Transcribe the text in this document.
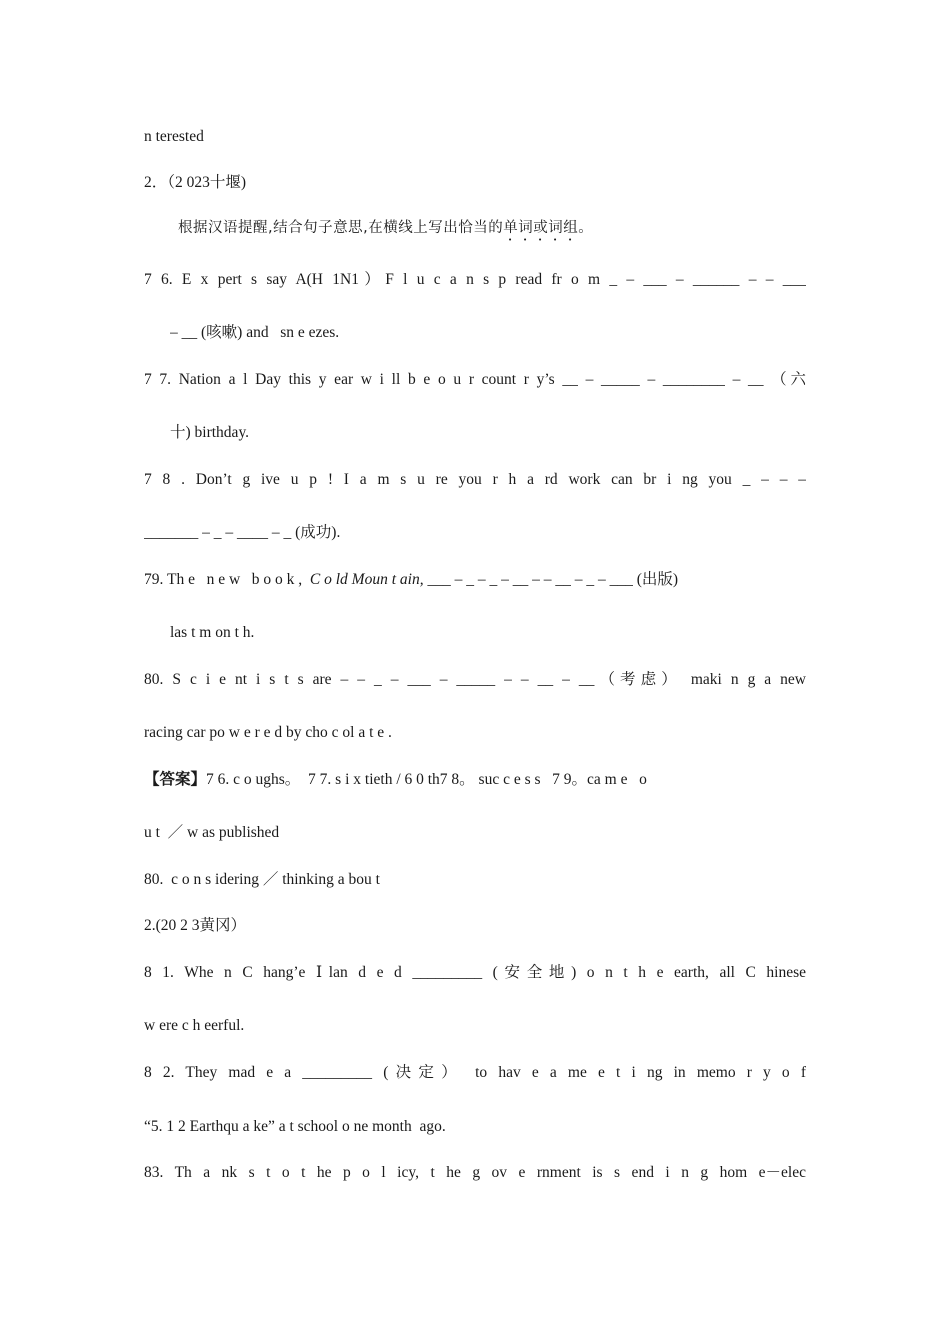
n terested
2．（2 023十堰)
根据汉语提醒,结合句子意思,在横线上写出恰当的单词或词组。
7 6. E x pert s say A(H 1N1）F l u c a n s p read fr o m _ – ___ – ______ – – ___
– __ (咳嗽) and   sn e ezes.
7 7. Nation a l Day this y ear w i ll b e o u r count r y’s __ – _____ – ________ – __ （六
十) birthday.
7 8 . Don’t g ive u p ! I a m s u re you r h a rd work can br i ng you _ – – –
_______ – _ – ____ – _ (成功).
79. Th e   n e w   b o o k ,  C o ld Moun t ain, ___ – _ – _ – __ – – __ – _ – ___ (出版)
las t m on t h.
80. S c i e nt i s t s are – – _ – ___ – _____ – – __ – __（考虑） maki n g a new
racing car po w e r e d by cho c ol a t e .
【答案】7 6. c o ughs。  7 7. s i x tieth / 6 0 th7 8。 suc c e s s   7 9。ca m e   o
u t  ／ w as published
80.  c o n s idering ／ thinking a bou t
2.(20 2 3黄冈）
8 1. Whe n C hang’e Ⅰlan d e d _________ (安全地) o n t h e earth, all C hinese
w ere c h eerful.
8 2. They mad e a _________ (决定） to hav e a me e t i ng in memo r y o f
“5. 1 2 Earthqu a ke” a t school o ne month  ago.
83. Th a nk s t o t he p o l icy, t he g ov e rnment is s end i n g hom e－elec
